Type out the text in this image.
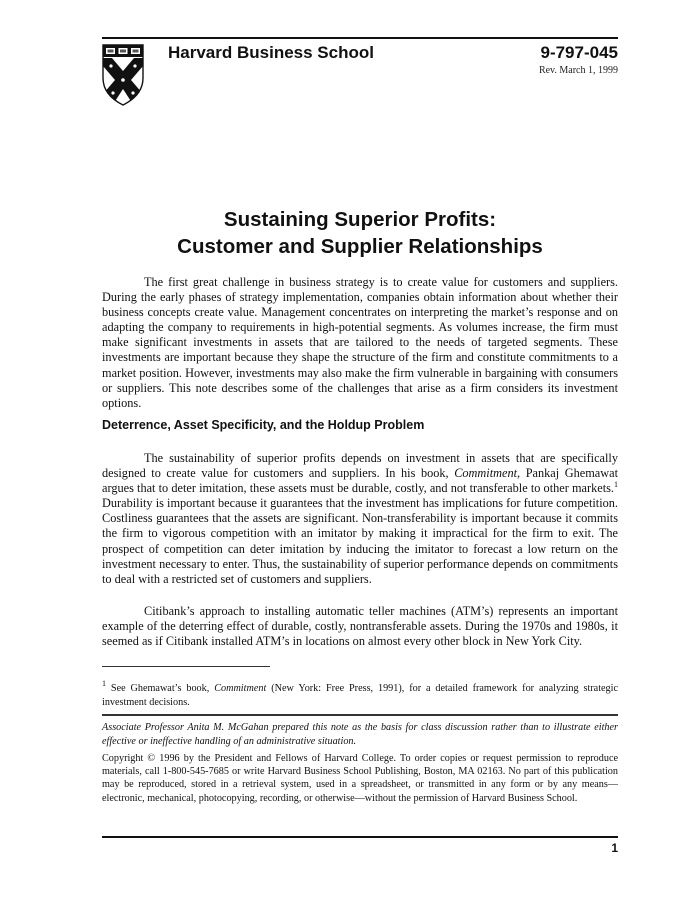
Harvard Business School	9-797-045
Rev. March 1, 1999
Sustaining Superior Profits:
Customer and Supplier Relationships

The first great challenge in business strategy is to create value for customers and suppliers. During the early phases of strategy implementation, companies obtain information about whether their business concepts create value. Management concentrates on interpreting the market’s response and on adapting the company to requirements in high-potential segments. As volumes increase, the firm must make significant investments in assets that are tailored to the needs of targeted segments. These investments are important because they shape the structure of the firm and constitute commitments to a market position. However, investments may also make the firm vulnerable in bargaining with consumers or suppliers. This note describes some of the challenges that arise as a firm considers its investment options.

Deterrence, Asset Specificity, and the Holdup Problem

The sustainability of superior profits depends on investment in assets that are specifically designed to create value for customers and suppliers. In his book, Commitment, Pankaj Ghemawat argues that to deter imitation, these assets must be durable, costly, and not transferable to other markets.$^1$ Durability is important because it guarantees that the investment has implications for future competition. Costliness guarantees that the assets are significant. Non-transferability is important because it commits the firm to vigorous competition with an imitator by making it impractical for the firm to exit. The prospect of competition can deter imitation by inducing the imitator to forecast a low return on the investment necessary to enter. Thus, the sustainability of superior performance depends on commitments to deal with a restricted set of customers and suppliers.

Citibank’s approach to installing automatic teller machines (ATM’s) represents an important example of the deterring effect of durable, costly, nontransferable assets. During the 1970s and 1980s, it seemed as if Citibank installed ATM’s in locations on almost every other block in New York City.

$^1$ See Ghemawat’s book, Commitment (New York: Free Press, 1991), for a detailed framework for analyzing strategic investment decisions.
Associate Professor Anita M. McGahan prepared this note as the basis for class discussion rather than to illustrate either effective or ineffective handling of an administrative situation.
Copyright © 1996 by the President and Fellows of Harvard College. To order copies or request permission to reproduce materials, call 1-800-545-7685 or write Harvard Business School Publishing, Boston, MA 02163. No part of this publication may be reproduced, stored in a retrieval system, used in a spreadsheet, or transmitted in any form or by any means—electronic, mechanical, photocopying, recording, or otherwise—without the permission of Harvard Business School.
1
